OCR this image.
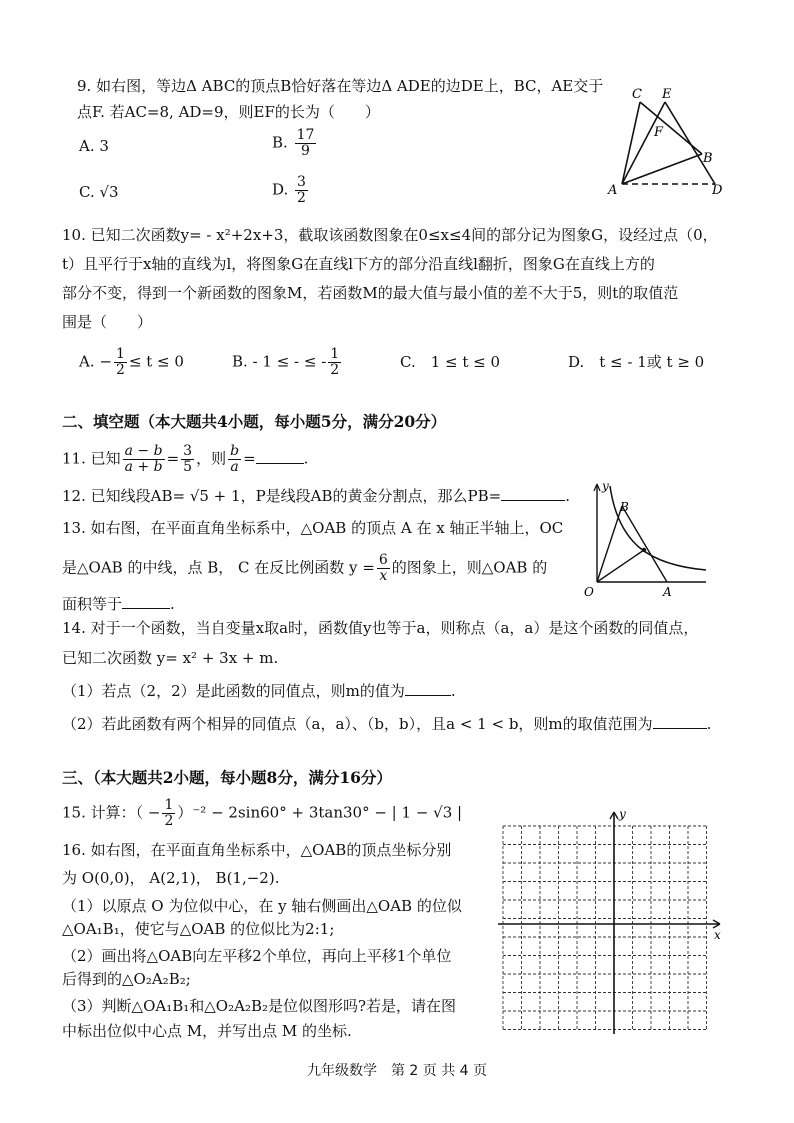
9. 如右图，等边Δ ABC的顶点B恰好落在等边Δ ADE的边DE上，BC，AE交于
点F. 若AC=8, AD=9，则EF的长为（　　）
A. 3	B. $\frac{17}{9}$
C. √3	D. $\frac{3}{2}$
C E
F
B
A	D
10. 已知二次函数y= - x²+2x+3，截取该函数图象在0≤x≤4间的部分记为图象G，设经过点（0，
t）且平行于x轴的直线为l，将图象G在直线l下方的部分沿直线l翻折，图象G在直线上方的
部分不变，得到一个新函数的图象M，若函数M的最大值与最小值的差不大于5，则t的取值范
围是（　　）
A. − $\frac{1}{2} \le t \le 0$	B. - 1 ≤ - ≤ - $\frac{1}{2}$	C.　1 ≤ t ≤ 0	D.　t ≤ - 1或 t ≥ 0
二、填空题（本大题共4小题，每小题5分，满分20分）
11. 已知 $\frac{a - b}{a + b} = \frac{3}{5}$ ，则 $\frac{b}{a}$ =	.
12. 已知线段AB= √5 + 1，P是线段AB的黄金分割点，那么PB=	.
13. 如右图，在平面直角坐标系中，△OAB 的顶点 A 在 x 轴正半轴上，OC
是△OAB 的中线，点 B， C 在反比例函数 $y = \frac{6}{x}$ 的图象上，则△OAB 的
面积等于	.
y
B
O	A
14. 对于一个函数，当自变量x取a时，函数值y也等于a，则称点（a，a）是这个函数的同值点，
已知二次函数 y= x² + 3x + m.
（1）若点（2，2）是此函数的同值点，则m的值为	.
（2）若此函数有两个相异的同值点（a，a）、（b，b），且a < 1 < b，则m的取值范围为	.
三、（本大题共2小题，每小题8分，满分16分）
15. 计算：（ − $\frac{1}{2} )^{-2} - 2\sin 60^\circ + 3\tan 30^\circ$ − | 1 − √3 |
16. 如右图，在平面直角坐标系中，△OAB的顶点坐标分别
为 O(0,0)， A(2,1)， B(1,−2).
（1）以原点 O 为位似中心，在 y 轴右侧画出△OAB 的位似
△OA₁B₁，使它与△OAB 的位似比为2:1;
（2）画出将△OAB向左平移2个单位，再向上平移1个单位
后得到的△O₂A₂B₂;
（3）判断△OA₁B₁和△O₂A₂B₂是位似图形吗?若是，请在图
中标出位似中心点 M，并写出点 M 的坐标.
x
y
九年级数学　第 2 页 共 4 页
